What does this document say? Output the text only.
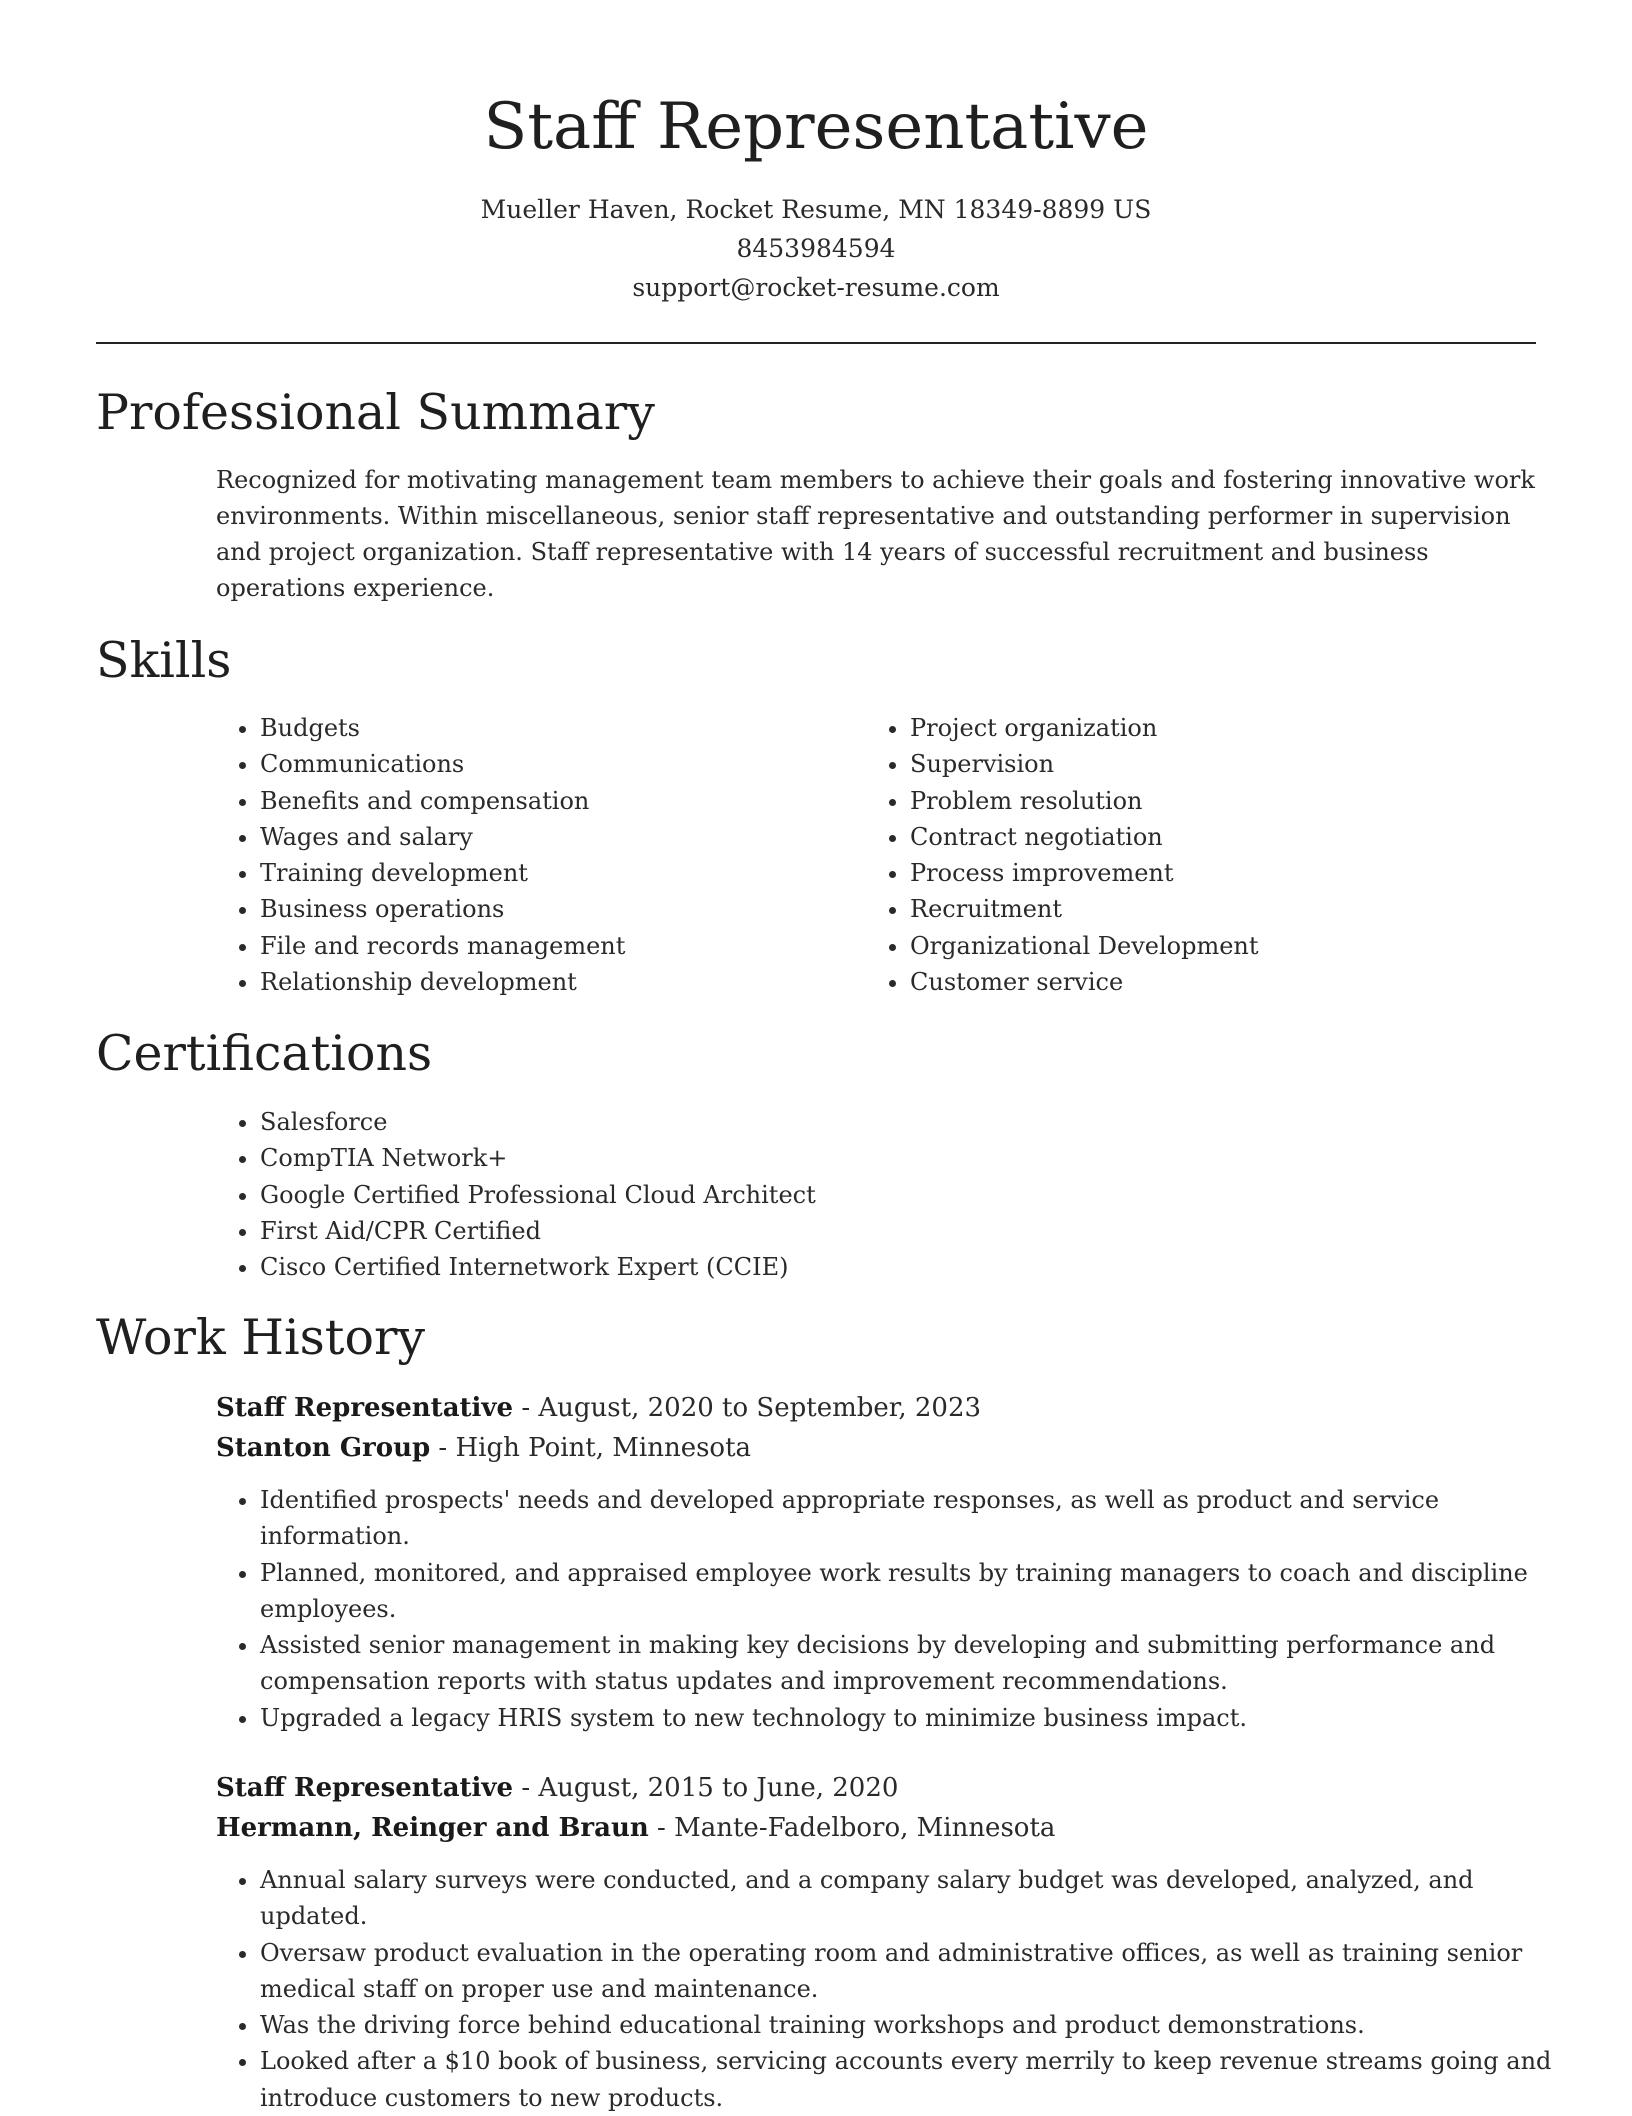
Staff Representative
Mueller Haven, Rocket Resume, MN 18349-8899 US
8453984594
support@rocket-resume.com
Professional Summary
Recognized for motivating management team members to achieve their goals and fostering innovative work environments. Within miscellaneous, senior staff representative and outstanding performer in supervision and project organization. Staff representative with 14 years of successful recruitment and business operations experience.
Skills
• Budgets
• Communications
• Benefits and compensation
• Wages and salary
• Training development
• Business operations
• File and records management
• Relationship development
• Project organization
• Supervision
• Problem resolution
• Contract negotiation
• Process improvement
• Recruitment
• Organizational Development
• Customer service
Certifications
• Salesforce
• CompTIA Network+
• Google Certified Professional Cloud Architect
• First Aid/CPR Certified
• Cisco Certified Internetwork Expert (CCIE)
Work History
Staff Representative - August, 2020 to September, 2023
Stanton Group - High Point, Minnesota
• Identified prospects' needs and developed appropriate responses, as well as product and service information.
• Planned, monitored, and appraised employee work results by training managers to coach and discipline employees.
• Assisted senior management in making key decisions by developing and submitting performance and compensation reports with status updates and improvement recommendations.
• Upgraded a legacy HRIS system to new technology to minimize business impact.
Staff Representative - August, 2015 to June, 2020
Hermann, Reinger and Braun - Mante-Fadelboro, Minnesota
• Annual salary surveys were conducted, and a company salary budget was developed, analyzed, and updated.
• Oversaw product evaluation in the operating room and administrative offices, as well as training senior medical staff on proper use and maintenance.
• Was the driving force behind educational training workshops and product demonstrations.
• Looked after a $10 book of business, servicing accounts every merrily to keep revenue streams going and introduce customers to new products.
